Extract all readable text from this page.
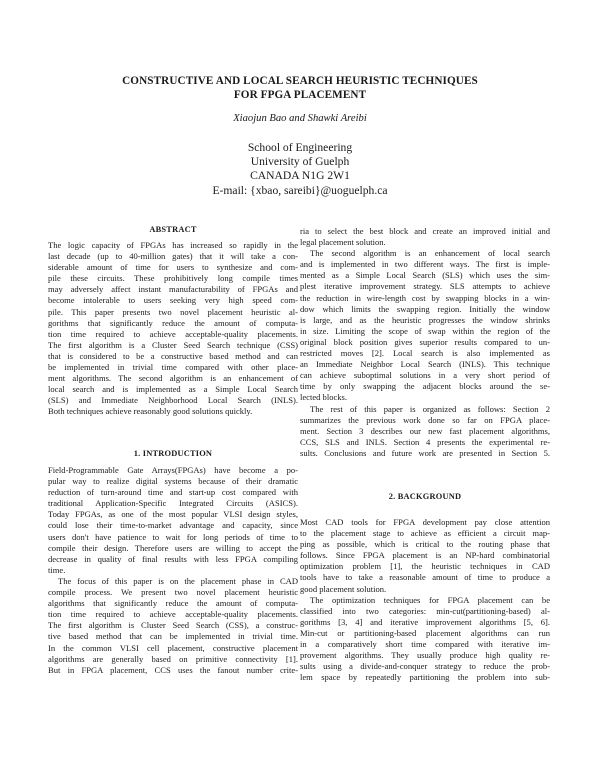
CONSTRUCTIVE AND LOCAL SEARCH HEURISTIC TECHNIQUES
FOR FPGA PLACEMENT
Xiaojun Bao and Shawki Areibi
School of Engineering
University of Guelph
CANADA N1G 2W1
E-mail: {xbao, sareibi}@uoguelph.ca
ABSTRACT
The logic capacity of FPGAs has increased so rapidly in the
last decade (up to 40-million gates) that it will take a con-
siderable amount of time for users to synthesize and com-
pile these circuits. These prohibitively long compile times
may adversely affect instant manufacturability of FPGAs and
become intolerable to users seeking very high speed com-
pile. This paper presents two novel placement heuristic al-
gorithms that significantly reduce the amount of computa-
tion time required to achieve acceptable-quality placements.
The first algorithm is a Cluster Seed Search technique (CSS)
that is considered to be a constructive based method and can
be implemented in trivial time compared with other place-
ment algorithms. The second algorithm is an enhancement of
local search and is implemented as a Simple Local Search
(SLS) and Immediate Neighborhood Local Search (INLS).
Both techniques achieve reasonably good solutions quickly.
1. INTRODUCTION
Field-Programmable Gate Arrays(FPGAs) have become a po-
pular way to realize digital systems because of their dramatic
reduction of turn-around time and start-up cost compared with
traditional Application-Specific Integrated Circuits (ASICS).
Today FPGAs, as one of the most popular VLSI design styles,
could lose their time-to-market advantage and capacity, since
users don't have patience to wait for long periods of time to
compile their design. Therefore users are willing to accept the
decrease in quality of final results with less FPGA compiling
time.
The focus of this paper is on the placement phase in CAD
compile process. We present two novel placement heuristic
algorithms that significantly reduce the amount of computa-
tion time required to achieve acceptable-quality placements.
The first algorithm is Cluster Seed Search (CSS), a construc-
tive based method that can be implemented in trivial time.
In the common VLSI cell placement, constructive placement
algorithms are generally based on primitive connectivity [1].
But in FPGA placement, CCS uses the fanout number crite-
ria to select the best block and create an improved initial and
legal placement solution.
The second algorithm is an enhancement of local search
and is implemented in two different ways. The first is imple-
mented as a Simple Local Search (SLS) which uses the sim-
plest iterative improvement strategy. SLS attempts to achieve
the reduction in wire-length cost by swapping blocks in a win-
dow which limits the swapping region. Initially the window
is large, and as the heuristic progresses the window shrinks
in size. Limiting the scope of swap within the region of the
original block position gives superior results compared to un-
restricted moves [2]. Local search is also implemented as
an Immediate Neighbor Local Search (INLS). This technique
can achieve suboptimal solutions in a very short period of
time by only swapping the adjacent blocks around the se-
lected blocks.
The rest of this paper is organized as follows: Section 2
summarizes the previous work done so far on FPGA place-
ment. Section 3 describes our new fast placement algorithms,
CCS, SLS and INLS. Section 4 presents the experimental re-
sults. Conclusions and future work are presented in Section 5.
2. BACKGROUND
Most CAD tools for FPGA development pay close attention
to the placement stage to achieve as efficient a circuit map-
ping as possible, which is critical to the routing phase that
follows. Since FPGA placement is an NP-hard combinatorial
optimization problem [1], the heuristic techniques in CAD
tools have to take a reasonable amount of time to produce a
good placement solution.
The optimization techniques for FPGA placement can be
classified into two categories: min-cut(partitioning-based) al-
gorithms [3, 4] and iterative improvement algorithms [5, 6].
Min-cut or partitioning-based placement algorithms can run
in a comparatively short time compared with iterative im-
provement algorithms. They usually produce high quality re-
sults using a divide-and-conquer strategy to reduce the prob-
lem space by repeatedly partitioning the problem into sub-
